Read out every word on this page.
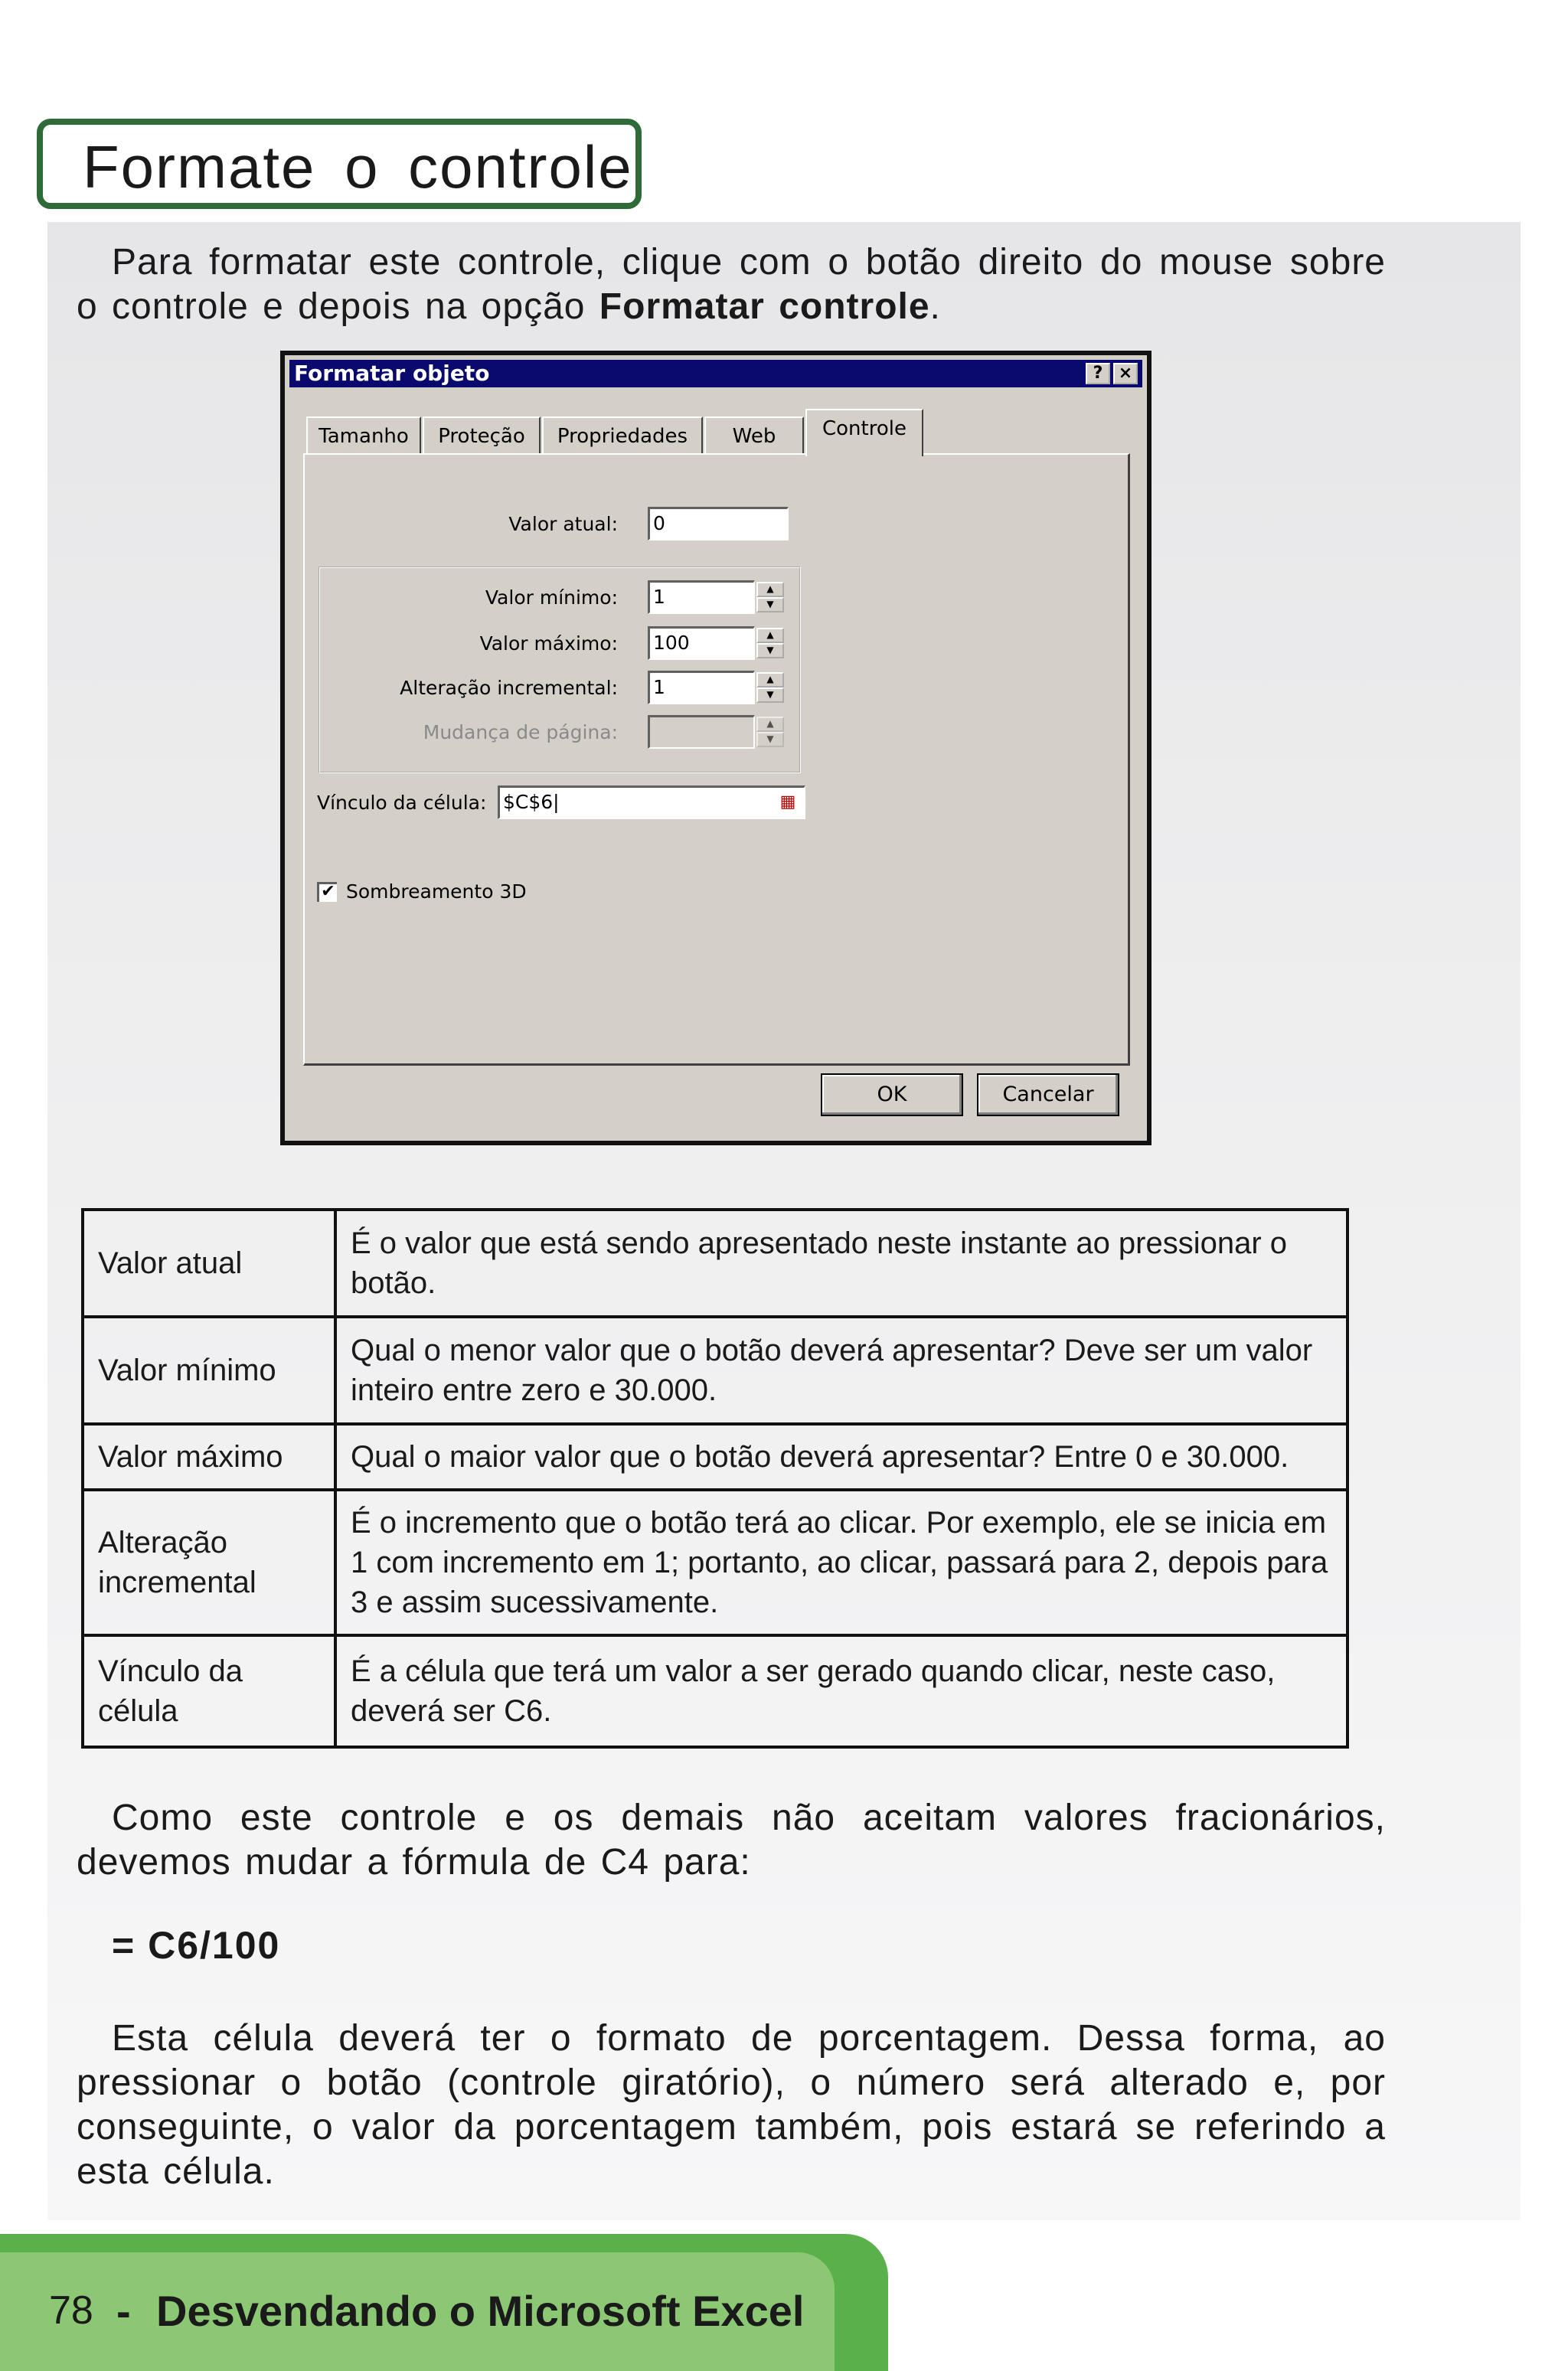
Formate o controle
Para formatar este controle, clique com o botão direito do mouse sobre o controle e depois na opção Formatar controle.
Formatar objeto	? ×
Tamanho	Proteção	Propriedades	Web	Controle
Valor atual: 0
Valor mínimo: 1	▲
▼
Valor máximo: 100	▲
▼
Alteração incremental: 1	▲
▼
Mudança de página:	▲
▼
Vínculo da célula: $C$6|	▦
✔ Sombreamento 3D
OK	Cancelar
Valor atual	É o valor que está sendo apresentado neste instante ao pressionar o botão.
Valor mínimo	Qual o menor valor que o botão deverá apresentar? Deve ser um valor inteiro entre zero e 30.000.
Valor máximo	Qual o maior valor que o botão deverá apresentar? Entre 0 e 30.000.
Alteração incremental	É o incremento que o botão terá ao clicar. Por exemplo, ele se inicia em 1 com incremento em 1; portanto, ao clicar, passará para 2, depois para 3 e assim sucessivamente.
Vínculo da célula	É a célula que terá um valor a ser gerado quando clicar, neste caso, deverá ser C6.
Como este controle e os demais não aceitam valores fracionários, devemos mudar a fórmula de C4 para:
= C6/100
Esta célula deverá ter o formato de porcentagem. Dessa forma, ao pressionar o botão (controle giratório), o número será alterado e, por conseguinte, o valor da porcentagem também, pois estará se referindo a esta célula.
78 - Desvendando o Microsoft Excel
